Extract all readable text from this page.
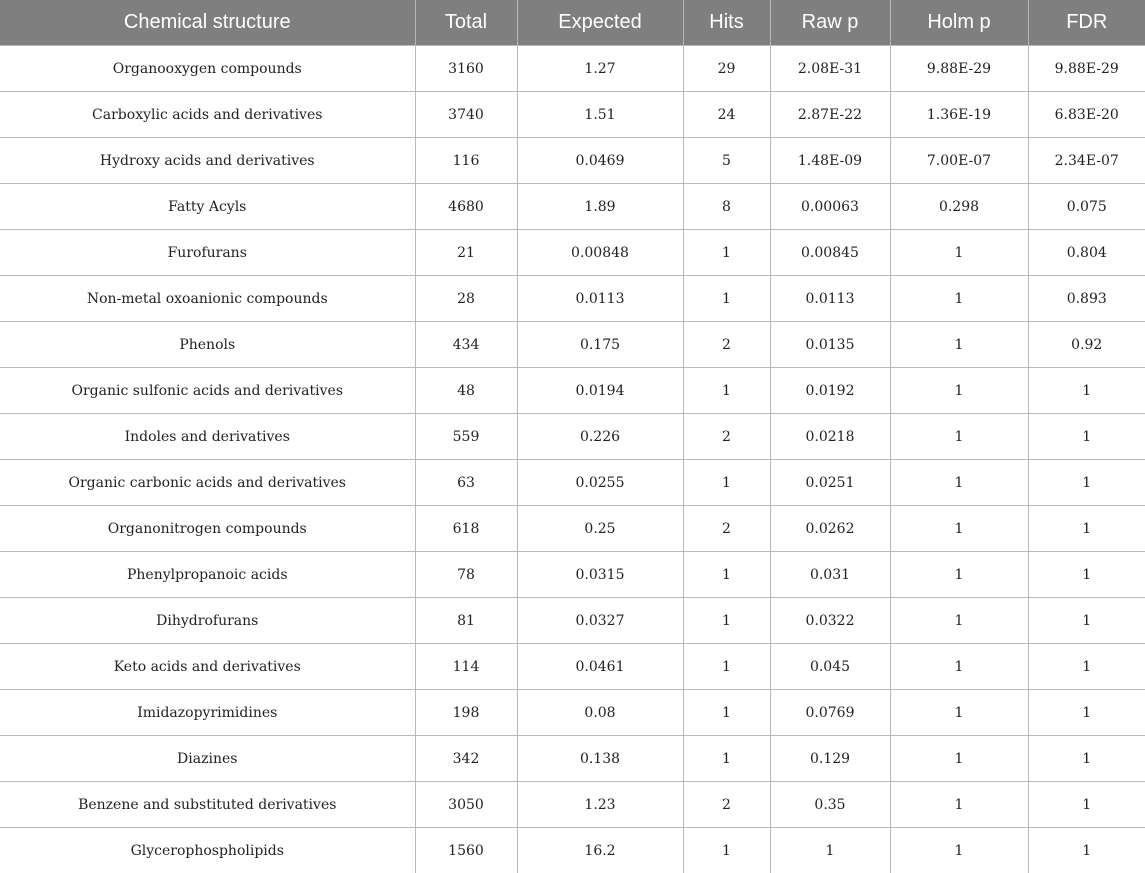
Chemical structure	Total	Expected	Hits	Raw p	Holm p	FDR
Organooxygen compounds	3160	1.27	29	2.08E-31	9.88E-29	9.88E-29
Carboxylic acids and derivatives	3740	1.51	24	2.87E-22	1.36E-19	6.83E-20
Hydroxy acids and derivatives	116	0.0469	5	1.48E-09	7.00E-07	2.34E-07
Fatty Acyls	4680	1.89	8	0.00063	0.298	0.075
Furofurans	21	0.00848	1	0.00845	1	0.804
Non-metal oxoanionic compounds	28	0.0113	1	0.0113	1	0.893
Phenols	434	0.175	2	0.0135	1	0.92
Organic sulfonic acids and derivatives	48	0.0194	1	0.0192	1	1
Indoles and derivatives	559	0.226	2	0.0218	1	1
Organic carbonic acids and derivatives	63	0.0255	1	0.0251	1	1
Organonitrogen compounds	618	0.25	2	0.0262	1	1
Phenylpropanoic acids	78	0.0315	1	0.031	1	1
Dihydrofurans	81	0.0327	1	0.0322	1	1
Keto acids and derivatives	114	0.0461	1	0.045	1	1
Imidazopyrimidines	198	0.08	1	0.0769	1	1
Diazines	342	0.138	1	0.129	1	1
Benzene and substituted derivatives	3050	1.23	2	0.35	1	1
Glycerophospholipids	1560	16.2	1	1	1	1
